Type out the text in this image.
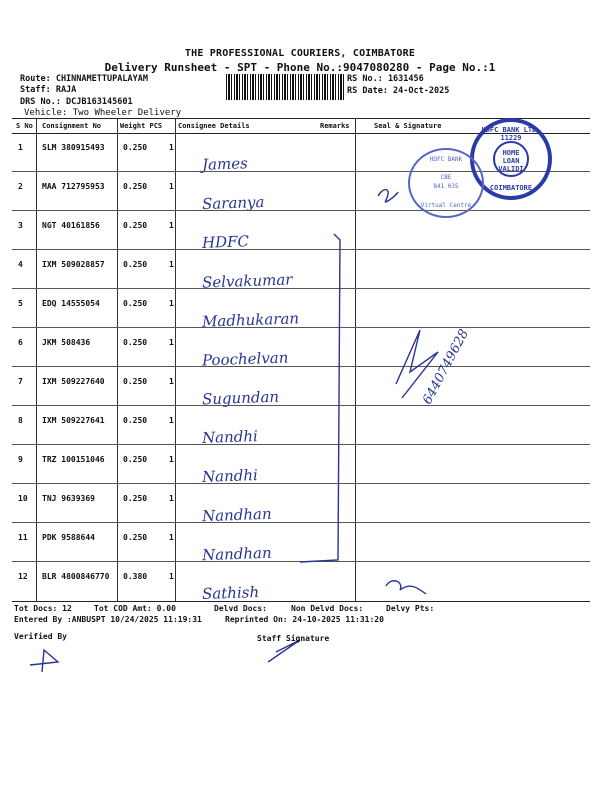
THE PROFESSIONAL COURIERS, COIMBATORE
Delivery Runsheet - SPT - Phone No.:9047080280 - Page No.:1
Route: CHINNAMETTUPALAYAM
Staff: RAJA
DRS No.: DCJB163145601
Vehicle: Two Wheeler Delivery
RS No.: 1631456
RS Date: 24-Oct-2025
S No Consignment No	Weight PCS Consignee Details	Remarks	Seal & Signature
1 SLM 380915493 0.250	1
James
2 MAA 712795953 0.250	1
Saranya
3 NGT 40161856	0.250	1
HDFC
4 IXM 509028857 0.250	1
Selvakumar
5 EDQ 14555054	0.250	1
Madhukaran
6 JKM 508436	0.250	1
Poochelvan
7 IXM 509227640 0.250	1
Sugundan
8 IXM 509227641 0.250	1
Nandhi
9 TRZ 100151046 0.250	1
Nandhi
10 TNJ 9639369	0.250	1
Nandhan
11 PDK 9588644	0.250	1
Nandhan
12 BLR 4800846770 0.380	1
Sathish
HDFC BANK LTD-11229
HOME LOAN VALIDI
COIMBATORE
HDFC BANK
CBE
841 035
Virtual Centre
6440749628
Tot Docs: 12	Tot COD Amt: 0.00	Delvd Docs:	Non Delvd Docs:	Delvy Pts:
Entered By :ANBUSPT 10/24/2025 11:19:31	Reprinted On: 24-10-2025 11:31:20
Verified By	Staff Signature
